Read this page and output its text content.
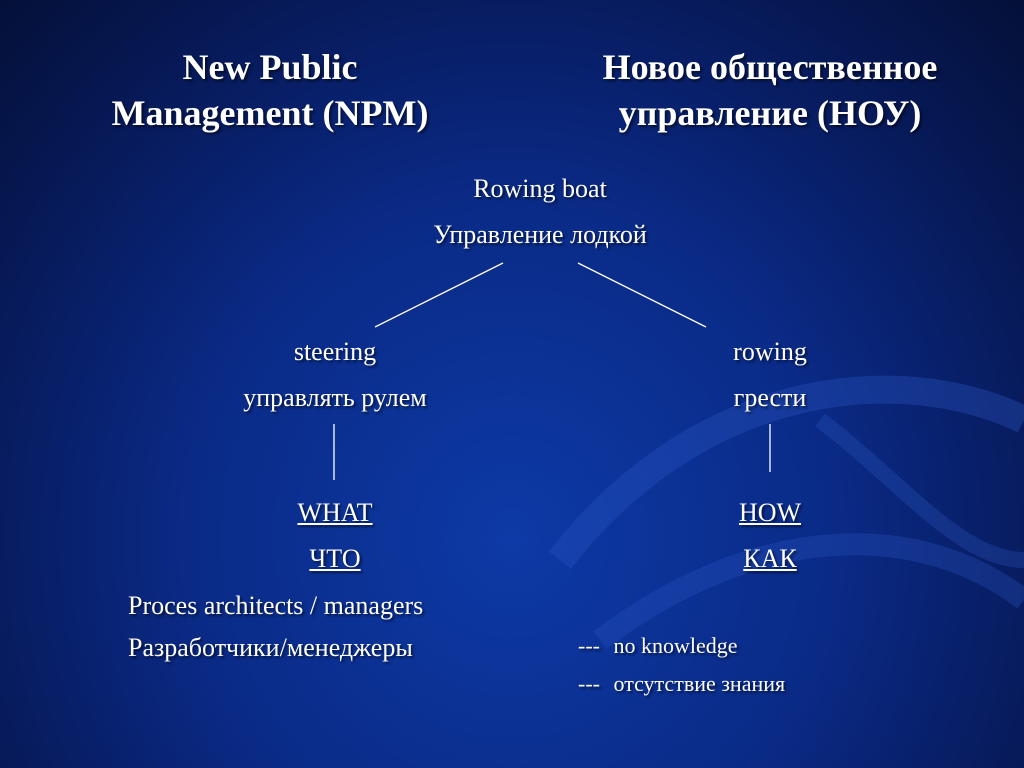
New Public
Management (NPM)
Новое общественное
управление (НОУ)
Rowing boat
Управление лодкой
steering
управлять рулем
rowing
грести
WHAT
ЧТО
HOW
КАК
Proces architects / managers
Разработчики/менеджеры	--- no knowledge
--- отсутствие знания
